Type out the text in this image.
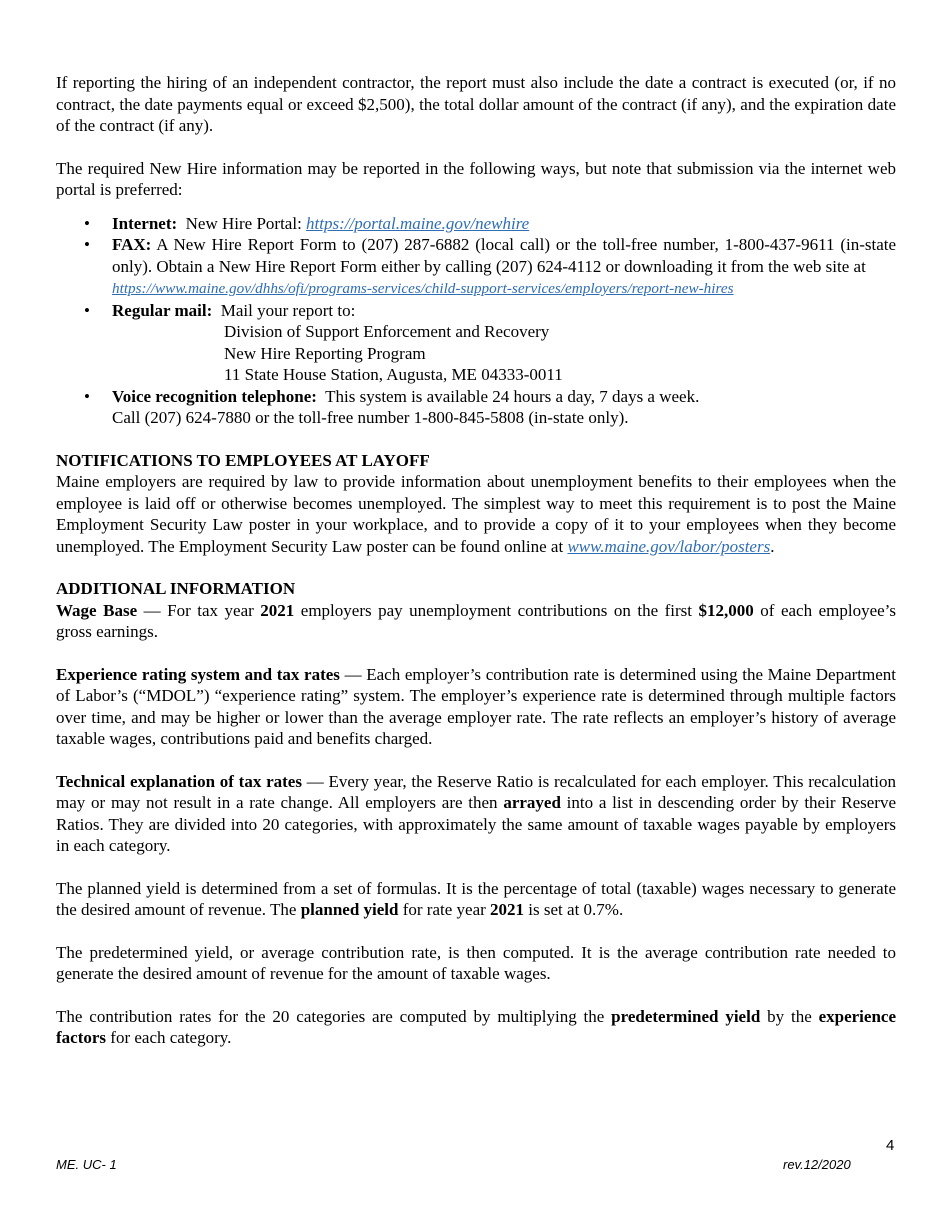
If reporting the hiring of an independent contractor, the report must also include the date a contract is executed (or, if no contract, the date payments equal or exceed $2,500), the total dollar amount of the contract (if any), and the expiration date of the contract (if any).

The required New Hire information may be reported in the following ways, but note that submission via the internet web portal is preferred:

• Internet: New Hire Portal: https://portal.maine.gov/newhire
• FAX: A New Hire Report Form to (207) 287-6882 (local call) or the toll-free number, 1-800-437-9611 (in-state only). Obtain a New Hire Report Form either by calling (207) 624-4112 or downloading it from the web site at
https://www.maine.gov/dhhs/ofi/programs-services/child-support-services/employers/report-new-hires
• Regular mail: Mail your report to:
Division of Support Enforcement and Recovery
New Hire Reporting Program
11 State House Station, Augusta, ME 04333-0011
• Voice recognition telephone: This system is available 24 hours a day, 7 days a week.
Call (207) 624-7880 or the toll-free number 1-800-845-5808 (in-state only).
NOTIFICATIONS TO EMPLOYEES AT LAYOFF

Maine employers are required by law to provide information about unemployment benefits to their employees when the employee is laid off or otherwise becomes unemployed. The simplest way to meet this requirement is to post the Maine Employment Security Law poster in your workplace, and to provide a copy of it to your employees when they become unemployed. The Employment Security Law poster can be found online at www.maine.gov/labor/posters.

ADDITIONAL INFORMATION

Wage Base — For tax year 2021 employers pay unemployment contributions on the first $12,000 of each employee’s gross earnings.

Experience rating system and tax rates — Each employer’s contribution rate is determined using the Maine Department of Labor’s (“MDOL”) “experience rating” system. The employer’s experience rate is determined through multiple factors over time, and may be higher or lower than the average employer rate. The rate reflects an employer’s history of average taxable wages, contributions paid and benefits charged.

Technical explanation of tax rates — Every year, the Reserve Ratio is recalculated for each employer. This recalculation may or may not result in a rate change. All employers are then arrayed into a list in descending order by their Reserve Ratios. They are divided into 20 categories, with approximately the same amount of taxable wages payable by employers in each category.

The planned yield is determined from a set of formulas. It is the percentage of total (taxable) wages necessary to generate the desired amount of revenue. The planned yield for rate year 2021 is set at 0.7%.

The predetermined yield, or average contribution rate, is then computed. It is the average contribution rate needed to generate the desired amount of revenue for the amount of taxable wages.

The contribution rates for the 20 categories are computed by multiplying the predetermined yield by the experience factors for each category.

4
ME. UC- 1	rev.12/2020
